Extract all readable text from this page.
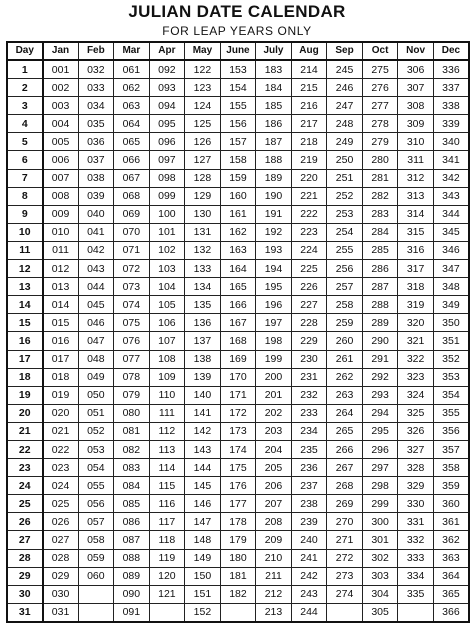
JULIAN DATE CALENDAR
FOR LEAP YEARS ONLY
Day	Jan	Feb	Mar	Apr	May	June	July	Aug	Sep	Oct	Nov	Dec
1	001	032	061	092	122	153	183	214	245	275	306	336
2	002	033	062	093	123	154	184	215	246	276	307	337
3	003	034	063	094	124	155	185	216	247	277	308	338
4	004	035	064	095	125	156	186	217	248	278	309	339
5	005	036	065	096	126	157	187	218	249	279	310	340
6	006	037	066	097	127	158	188	219	250	280	311	341
7	007	038	067	098	128	159	189	220	251	281	312	342
8	008	039	068	099	129	160	190	221	252	282	313	343
9	009	040	069	100	130	161	191	222	253	283	314	344
10	010	041	070	101	131	162	192	223	254	284	315	345
11	011	042	071	102	132	163	193	224	255	285	316	346
12	012	043	072	103	133	164	194	225	256	286	317	347
13	013	044	073	104	134	165	195	226	257	287	318	348
14	014	045	074	105	135	166	196	227	258	288	319	349
15	015	046	075	106	136	167	197	228	259	289	320	350
16	016	047	076	107	137	168	198	229	260	290	321	351
17	017	048	077	108	138	169	199	230	261	291	322	352
18	018	049	078	109	139	170	200	231	262	292	323	353
19	019	050	079	110	140	171	201	232	263	293	324	354
20	020	051	080	111	141	172	202	233	264	294	325	355
21	021	052	081	112	142	173	203	234	265	295	326	356
22	022	053	082	113	143	174	204	235	266	296	327	357
23	023	054	083	114	144	175	205	236	267	297	328	358
24	024	055	084	115	145	176	206	237	268	298	329	359
25	025	056	085	116	146	177	207	238	269	299	330	360
26	026	057	086	117	147	178	208	239	270	300	331	361
27	027	058	087	118	148	179	209	240	271	301	332	362
28	028	059	088	119	149	180	210	241	272	302	333	363
29	029	060	089	120	150	181	211	242	273	303	334	364
30	030		090	121	151	182	212	243	274	304	335	365
31	031		091		152		213	244		305		366
